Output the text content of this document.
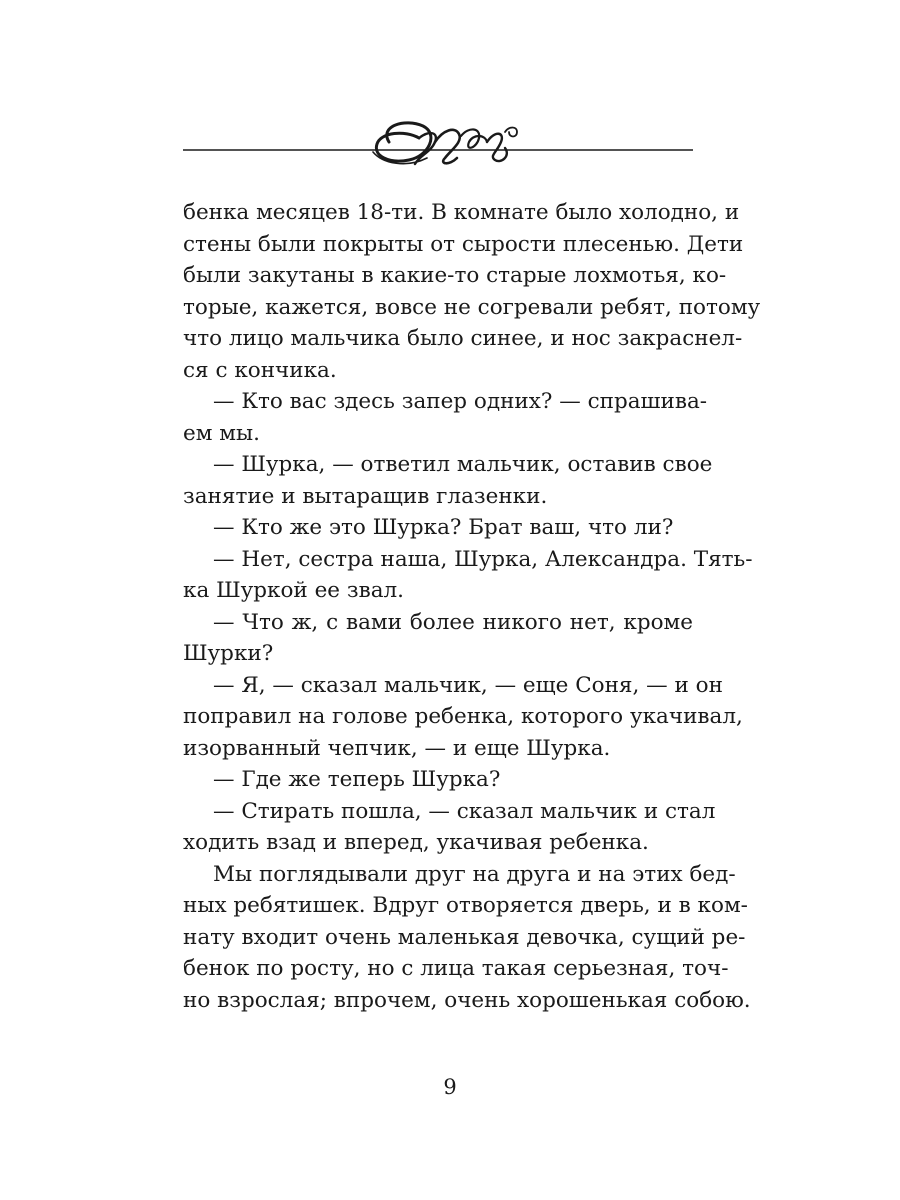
бенка месяцев 18-ти. В комнате было холодно, и
стены были покрыты от сырости плесенью. Дети
были закутаны в какие-то старые лохмотья, ко-
торые, кажется, вовсе не согревали ребят, потому
что лицо мальчика было синее, и нос закраснел-
ся с кончика.
— Кто вас здесь запер одних? — спрашива-
ем мы.
— Шурка, — ответил мальчик, оставив свое
занятие и вытаращив глазенки.
— Кто же это Шурка? Брат ваш, что ли?
— Нет, сестра наша, Шурка, Александра. Тять-
ка Шуркой ее звал.
— Что ж, с вами более никого нет, кроме
Шурки?
— Я, — сказал мальчик, — еще Соня, — и он
поправил на голове ребенка, которого укачивал,
изорванный чепчик, — и еще Шурка.
— Где же теперь Шурка?
— Стирать пошла, — сказал мальчик и стал
ходить взад и вперед, укачивая ребенка.
Мы поглядывали друг на друга и на этих бед-
ных ребятишек. Вдруг отворяется дверь, и в ком-
нату входит очень маленькая девочка, сущий ре-
бенок по росту, но с лица такая серьезная, точ-
но взрослая; впрочем, очень хорошенькая собою.
9
